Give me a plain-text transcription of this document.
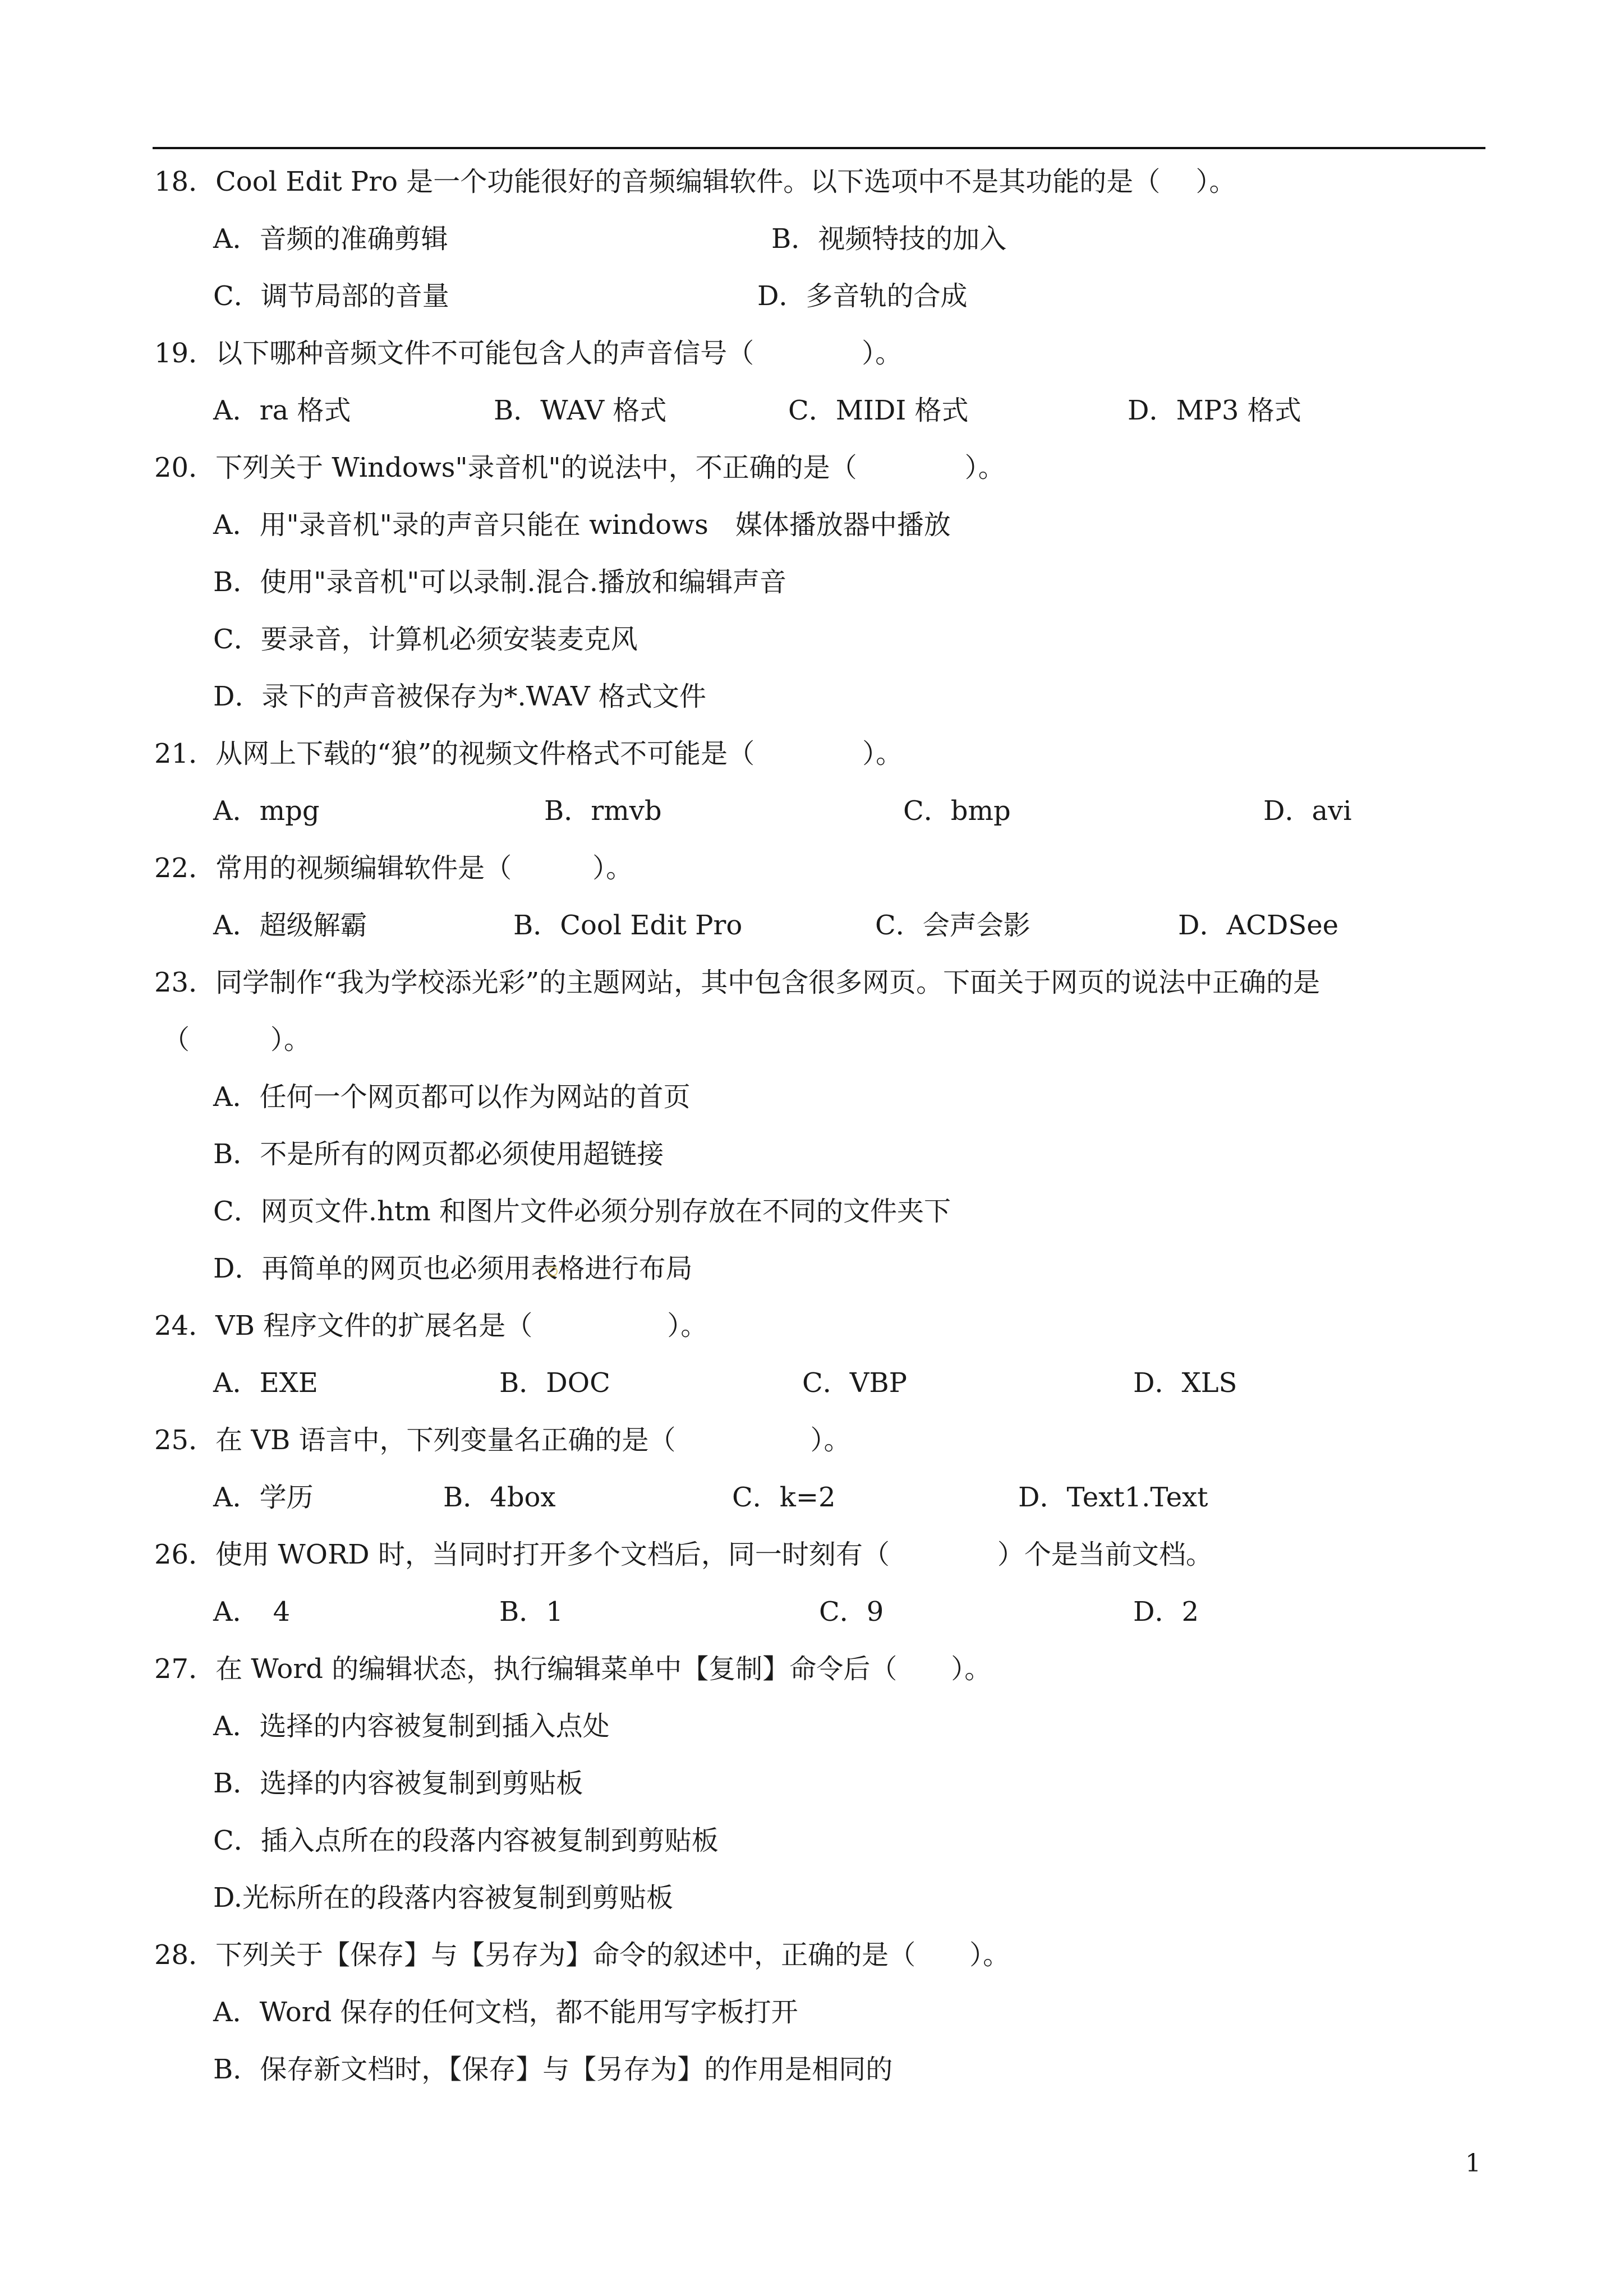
18．Cool Edit Pro 是一个功能很好的音频编辑软件。以下选项中不是其功能的是（　 ）。
A．音频的准确剪辑	B．视频特技的加入
C．调节局部的音量	D．多音轨的合成
19．以下哪种音频文件不可能包含人的声音信号（　　　　）。
A．ra 格式	B．WAV 格式	C．MIDI 格式	D．MP3 格式
20．下列关于 Windows"录音机"的说法中，不正确的是（　　　　）。
A．用"录音机"录的声音只能在 windows　媒体播放器中播放
B．使用"录音机"可以录制.混合.播放和编辑声音
C．要录音，计算机必须安装麦克风
D．录下的声音被保存为*.WAV 格式文件
21．从网上下载的“狼”的视频文件格式不可能是（　　　　）。
A．mpg	B．rmvb	C．bmp	D．avi
22．常用的视频编辑软件是（　　　）。
A．超级解霸	B．Cool Edit Pro	C．会声会影	D．ACDSee
23．同学制作“我为学校添光彩”的主题网站，其中包含很多网页。下面关于网页的说法中正确的是
（　　　）。
A．任何一个网页都可以作为网站的首页
B．不是所有的网页都必须使用超链接
C．网页文件.htm 和图片文件必须分别存放在不同的文件夹下
D．再简单的网页也必须用表格进行布局
24．VB 程序文件的扩展名是（　　　　　）。
A．EXE	B．DOC	C．VBP	D．XLS
25．在 VB 语言中，下列变量名正确的是（　　　　　）。
A．学历	B．4box	C．k=2	D．Text1.Text
26．使用 WORD 时，当同时打开多个文档后，同一时刻有（　　　　）个是当前文档。
A．　4	B．1	C．9	D．2
27．在 Word 的编辑状态，执行编辑菜单中【复制】命令后（　　）。
A．选择的内容被复制到插入点处
B．选择的内容被复制到剪贴板
C．插入点所在的段落内容被复制到剪贴板
D.光标所在的段落内容被复制到剪贴板
28．下列关于【保存】与【另存为】命令的叙述中，正确的是（　　）。
A．Word 保存的任何文档，都不能用写字板打开
B．保存新文档时，【保存】与【另存为】的作用是相同的
1
